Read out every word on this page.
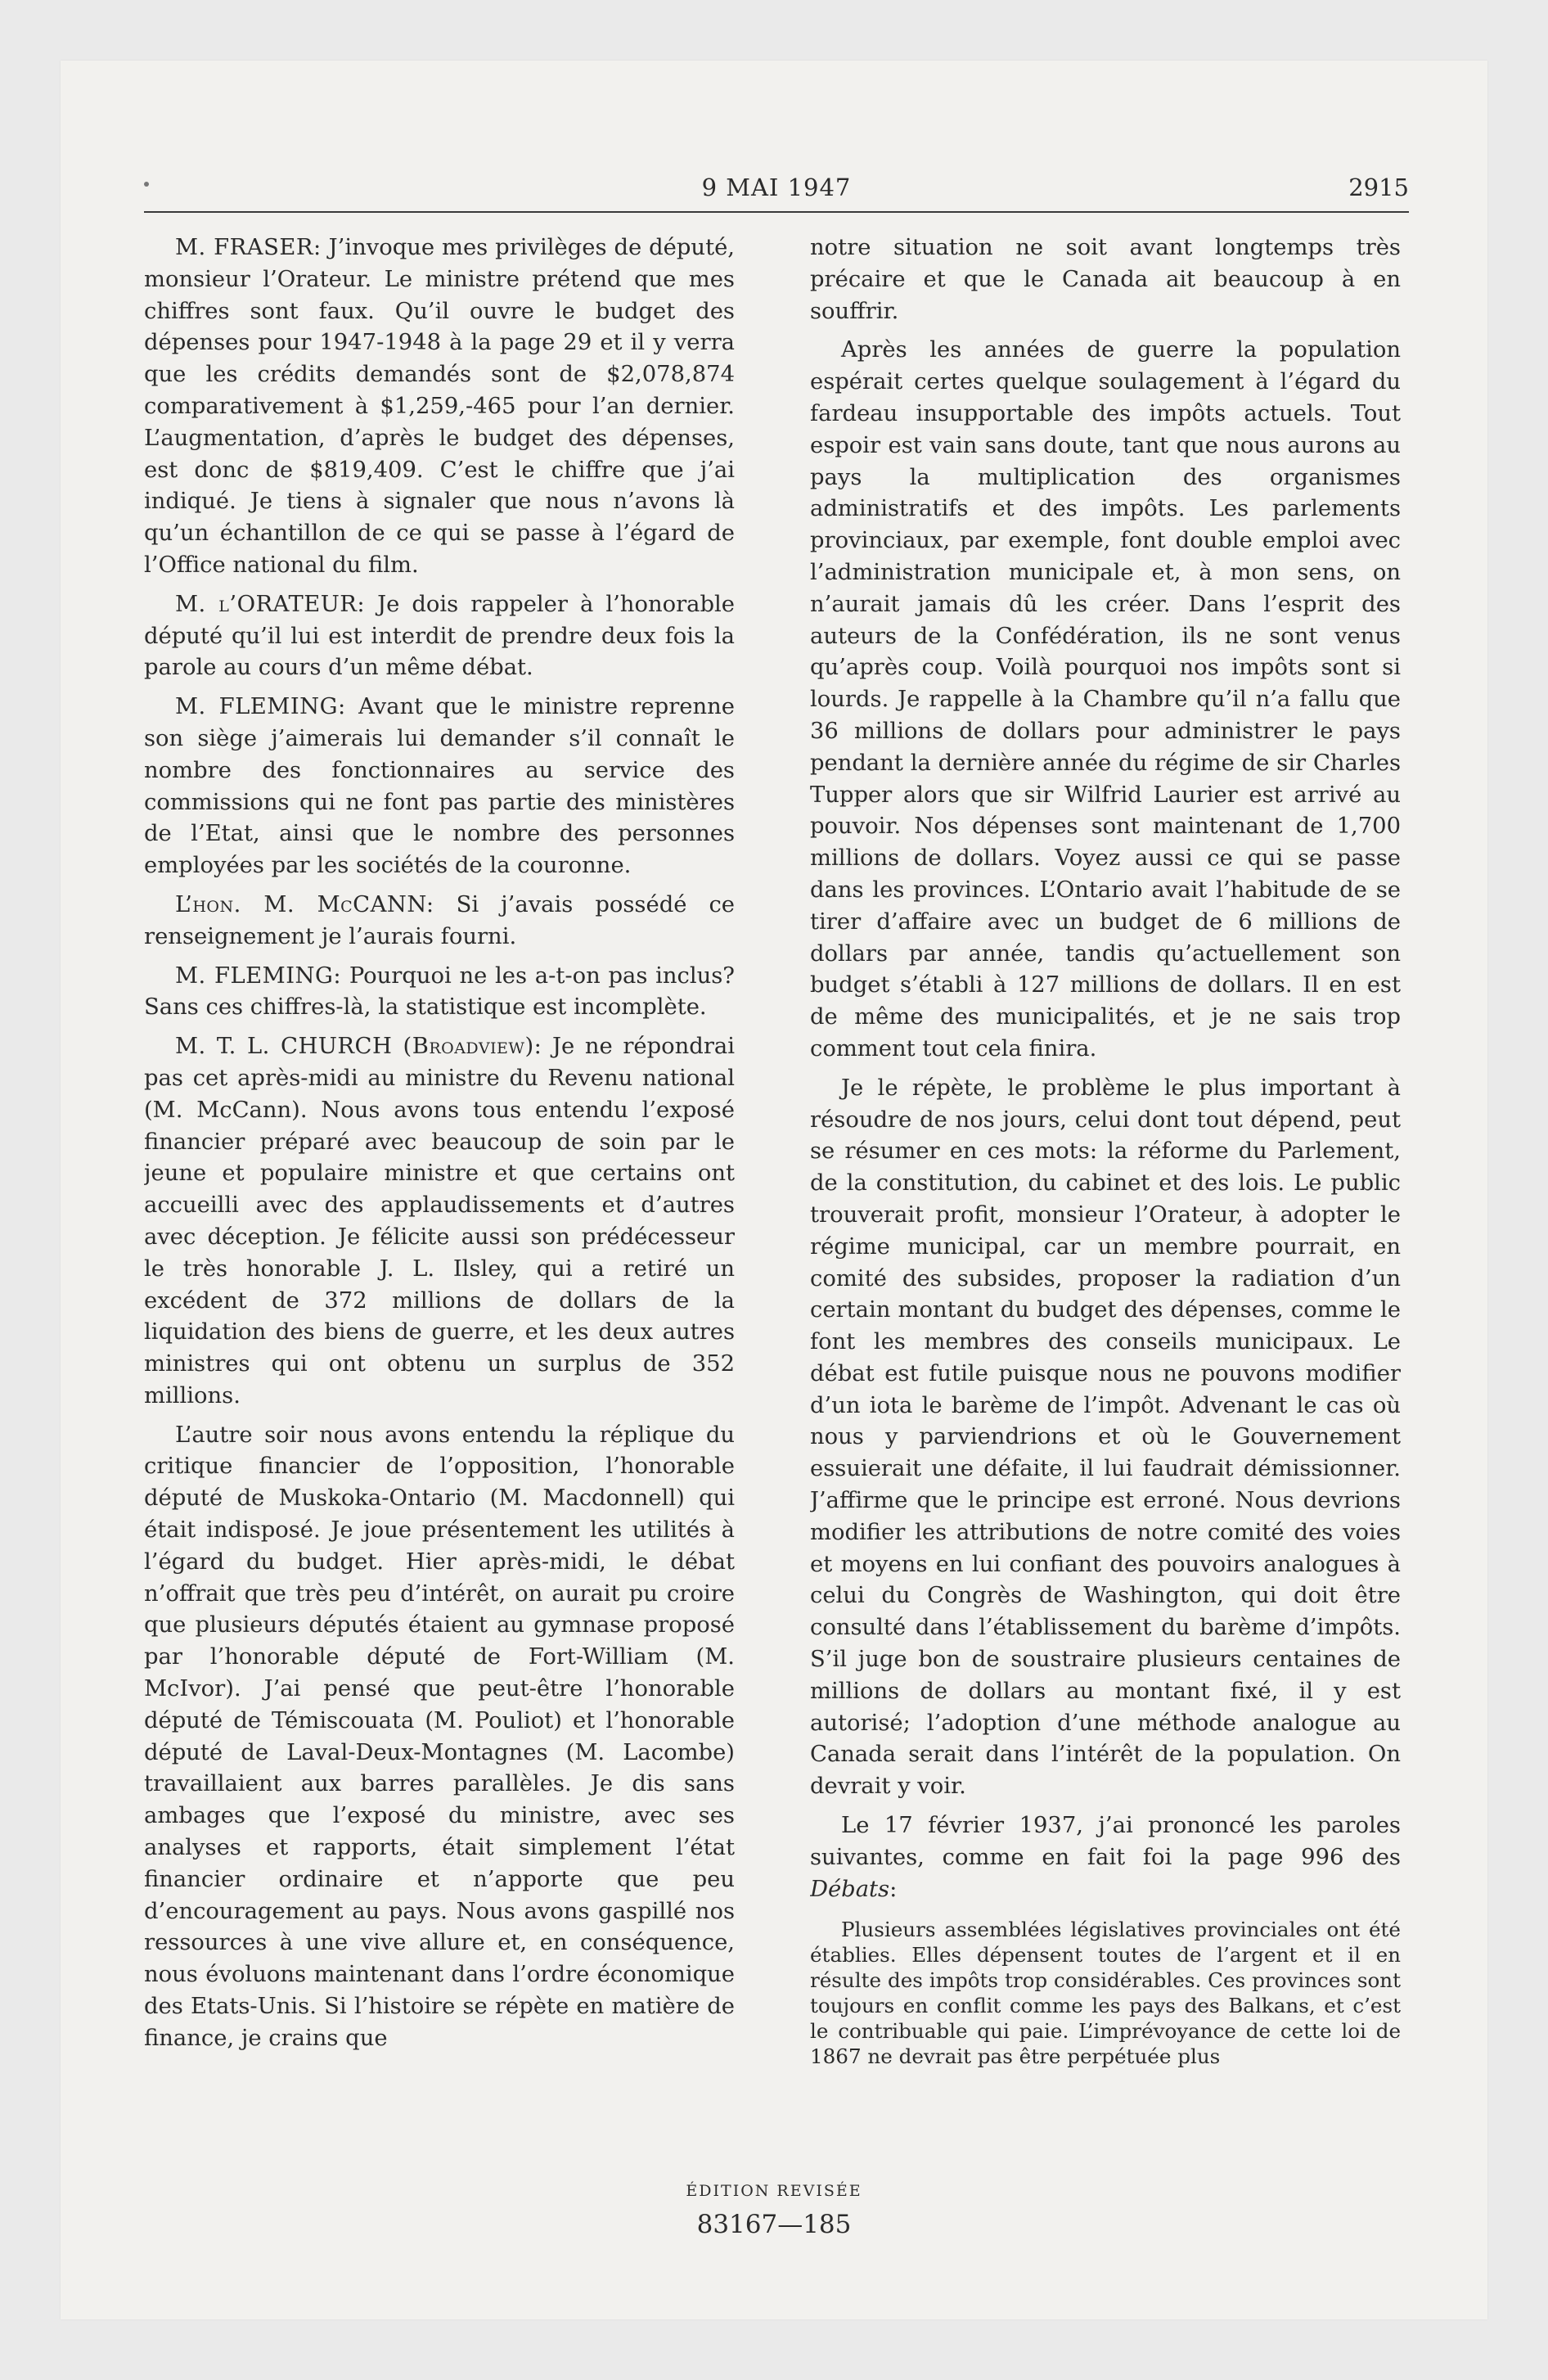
9 MAI 1947	2915

M. FRASER: J’invoque mes privilèges de député, monsieur l’Orateur. Le ministre prétend que mes chiffres sont faux. Qu’il ouvre le budget des dépenses pour 1947-1948 à la page 29 et il y verra que les crédits demandés sont de $2,078,874 comparativement à $1,259,-465 pour l’an dernier. L’augmentation, d’après le budget des dépenses, est donc de $819,409. C’est le chiffre que j’ai indiqué. Je tiens à signaler que nous n’avons là qu’un échantillon de ce qui se passe à l’égard de l’Office national du film.

M. l’ORATEUR: Je dois rappeler à l’honorable député qu’il lui est interdit de prendre deux fois la parole au cours d’un même débat.

M. FLEMING: Avant que le ministre reprenne son siège j’aimerais lui demander s’il connaît le nombre des fonctionnaires au service des commissions qui ne font pas partie des ministères de l’Etat, ainsi que le nombre des personnes employées par les sociétés de la couronne.

L’hon. M. McCANN: Si j’avais possédé ce renseignement je l’aurais fourni.

M. FLEMING: Pourquoi ne les a-t-on pas inclus? Sans ces chiffres-là, la statistique est incomplète.

M. T. L. CHURCH (Broadview): Je ne répondrai pas cet après-midi au ministre du Revenu national (M. McCann). Nous avons tous entendu l’exposé financier préparé avec beaucoup de soin par le jeune et populaire ministre et que certains ont accueilli avec des applaudissements et d’autres avec déception. Je félicite aussi son prédécesseur le très honorable J. L. Ilsley, qui a retiré un excédent de 372 millions de dollars de la liquidation des biens de guerre, et les deux autres ministres qui ont obtenu un surplus de 352 millions.

L’autre soir nous avons entendu la réplique du critique financier de l’opposition, l’honorable député de Muskoka-Ontario (M. Macdonnell) qui était indisposé. Je joue présentement les utilités à l’égard du budget. Hier après-midi, le débat n’offrait que très peu d’intérêt, on aurait pu croire que plusieurs députés étaient au gymnase proposé par l’honorable député de Fort-William (M. McIvor). J’ai pensé que peut-être l’honorable député de Témiscouata (M. Pouliot) et l’honorable député de Laval-Deux-Montagnes (M. Lacombe) travaillaient aux barres parallèles. Je dis sans ambages que l’exposé du ministre, avec ses analyses et rapports, était simplement l’état financier ordinaire et n’apporte que peu d’encouragement au pays. Nous avons gaspillé nos ressources à une vive allure et, en conséquence, nous évoluons maintenant dans l’ordre économique des Etats-Unis. Si l’histoire se répète en matière de finance, je crains que

notre situation ne soit avant longtemps très précaire et que le Canada ait beaucoup à en souffrir.

Après les années de guerre la population espérait certes quelque soulagement à l’égard du fardeau insupportable des impôts actuels. Tout espoir est vain sans doute, tant que nous aurons au pays la multiplication des organismes administratifs et des impôts. Les parlements provinciaux, par exemple, font double emploi avec l’administration municipale et, à mon sens, on n’aurait jamais dû les créer. Dans l’esprit des auteurs de la Confédération, ils ne sont venus qu’après coup. Voilà pourquoi nos impôts sont si lourds. Je rappelle à la Chambre qu’il n’a fallu que 36 millions de dollars pour administrer le pays pendant la dernière année du régime de sir Charles Tupper alors que sir Wilfrid Laurier est arrivé au pouvoir. Nos dépenses sont maintenant de 1,700 millions de dollars. Voyez aussi ce qui se passe dans les provinces. L’Ontario avait l’habitude de se tirer d’affaire avec un budget de 6 millions de dollars par année, tandis qu’actuellement son budget s’établi à 127 millions de dollars. Il en est de même des municipalités, et je ne sais trop comment tout cela finira.

Je le répète, le problème le plus important à résoudre de nos jours, celui dont tout dépend, peut se résumer en ces mots: la réforme du Parlement, de la constitution, du cabinet et des lois. Le public trouverait profit, monsieur l’Orateur, à adopter le régime municipal, car un membre pourrait, en comité des subsides, proposer la radiation d’un certain montant du budget des dépenses, comme le font les membres des conseils municipaux. Le débat est futile puisque nous ne pouvons modifier d’un iota le barème de l’impôt. Advenant le cas où nous y parviendrions et où le Gouvernement essuierait une défaite, il lui faudrait démissionner. J’affirme que le principe est erroné. Nous devrions modifier les attributions de notre comité des voies et moyens en lui confiant des pouvoirs analogues à celui du Congrès de Washington, qui doit être consulté dans l’établissement du barème d’impôts. S’il juge bon de soustraire plusieurs centaines de millions de dollars au montant fixé, il y est autorisé; l’adoption d’une méthode analogue au Canada serait dans l’intérêt de la population. On devrait y voir.

Le 17 février 1937, j’ai prononcé les paroles suivantes, comme en fait foi la page 996 des Débats:

Plusieurs assemblées législatives provinciales ont été établies. Elles dépensent toutes de l’argent et il en résulte des impôts trop considérables. Ces provinces sont toujours en conflit comme les pays des Balkans, et c’est le contribuable qui paie. L’imprévoyance de cette loi de 1867 ne devrait pas être perpétuée plus

ÉDITION REVISÉE
83167—185
